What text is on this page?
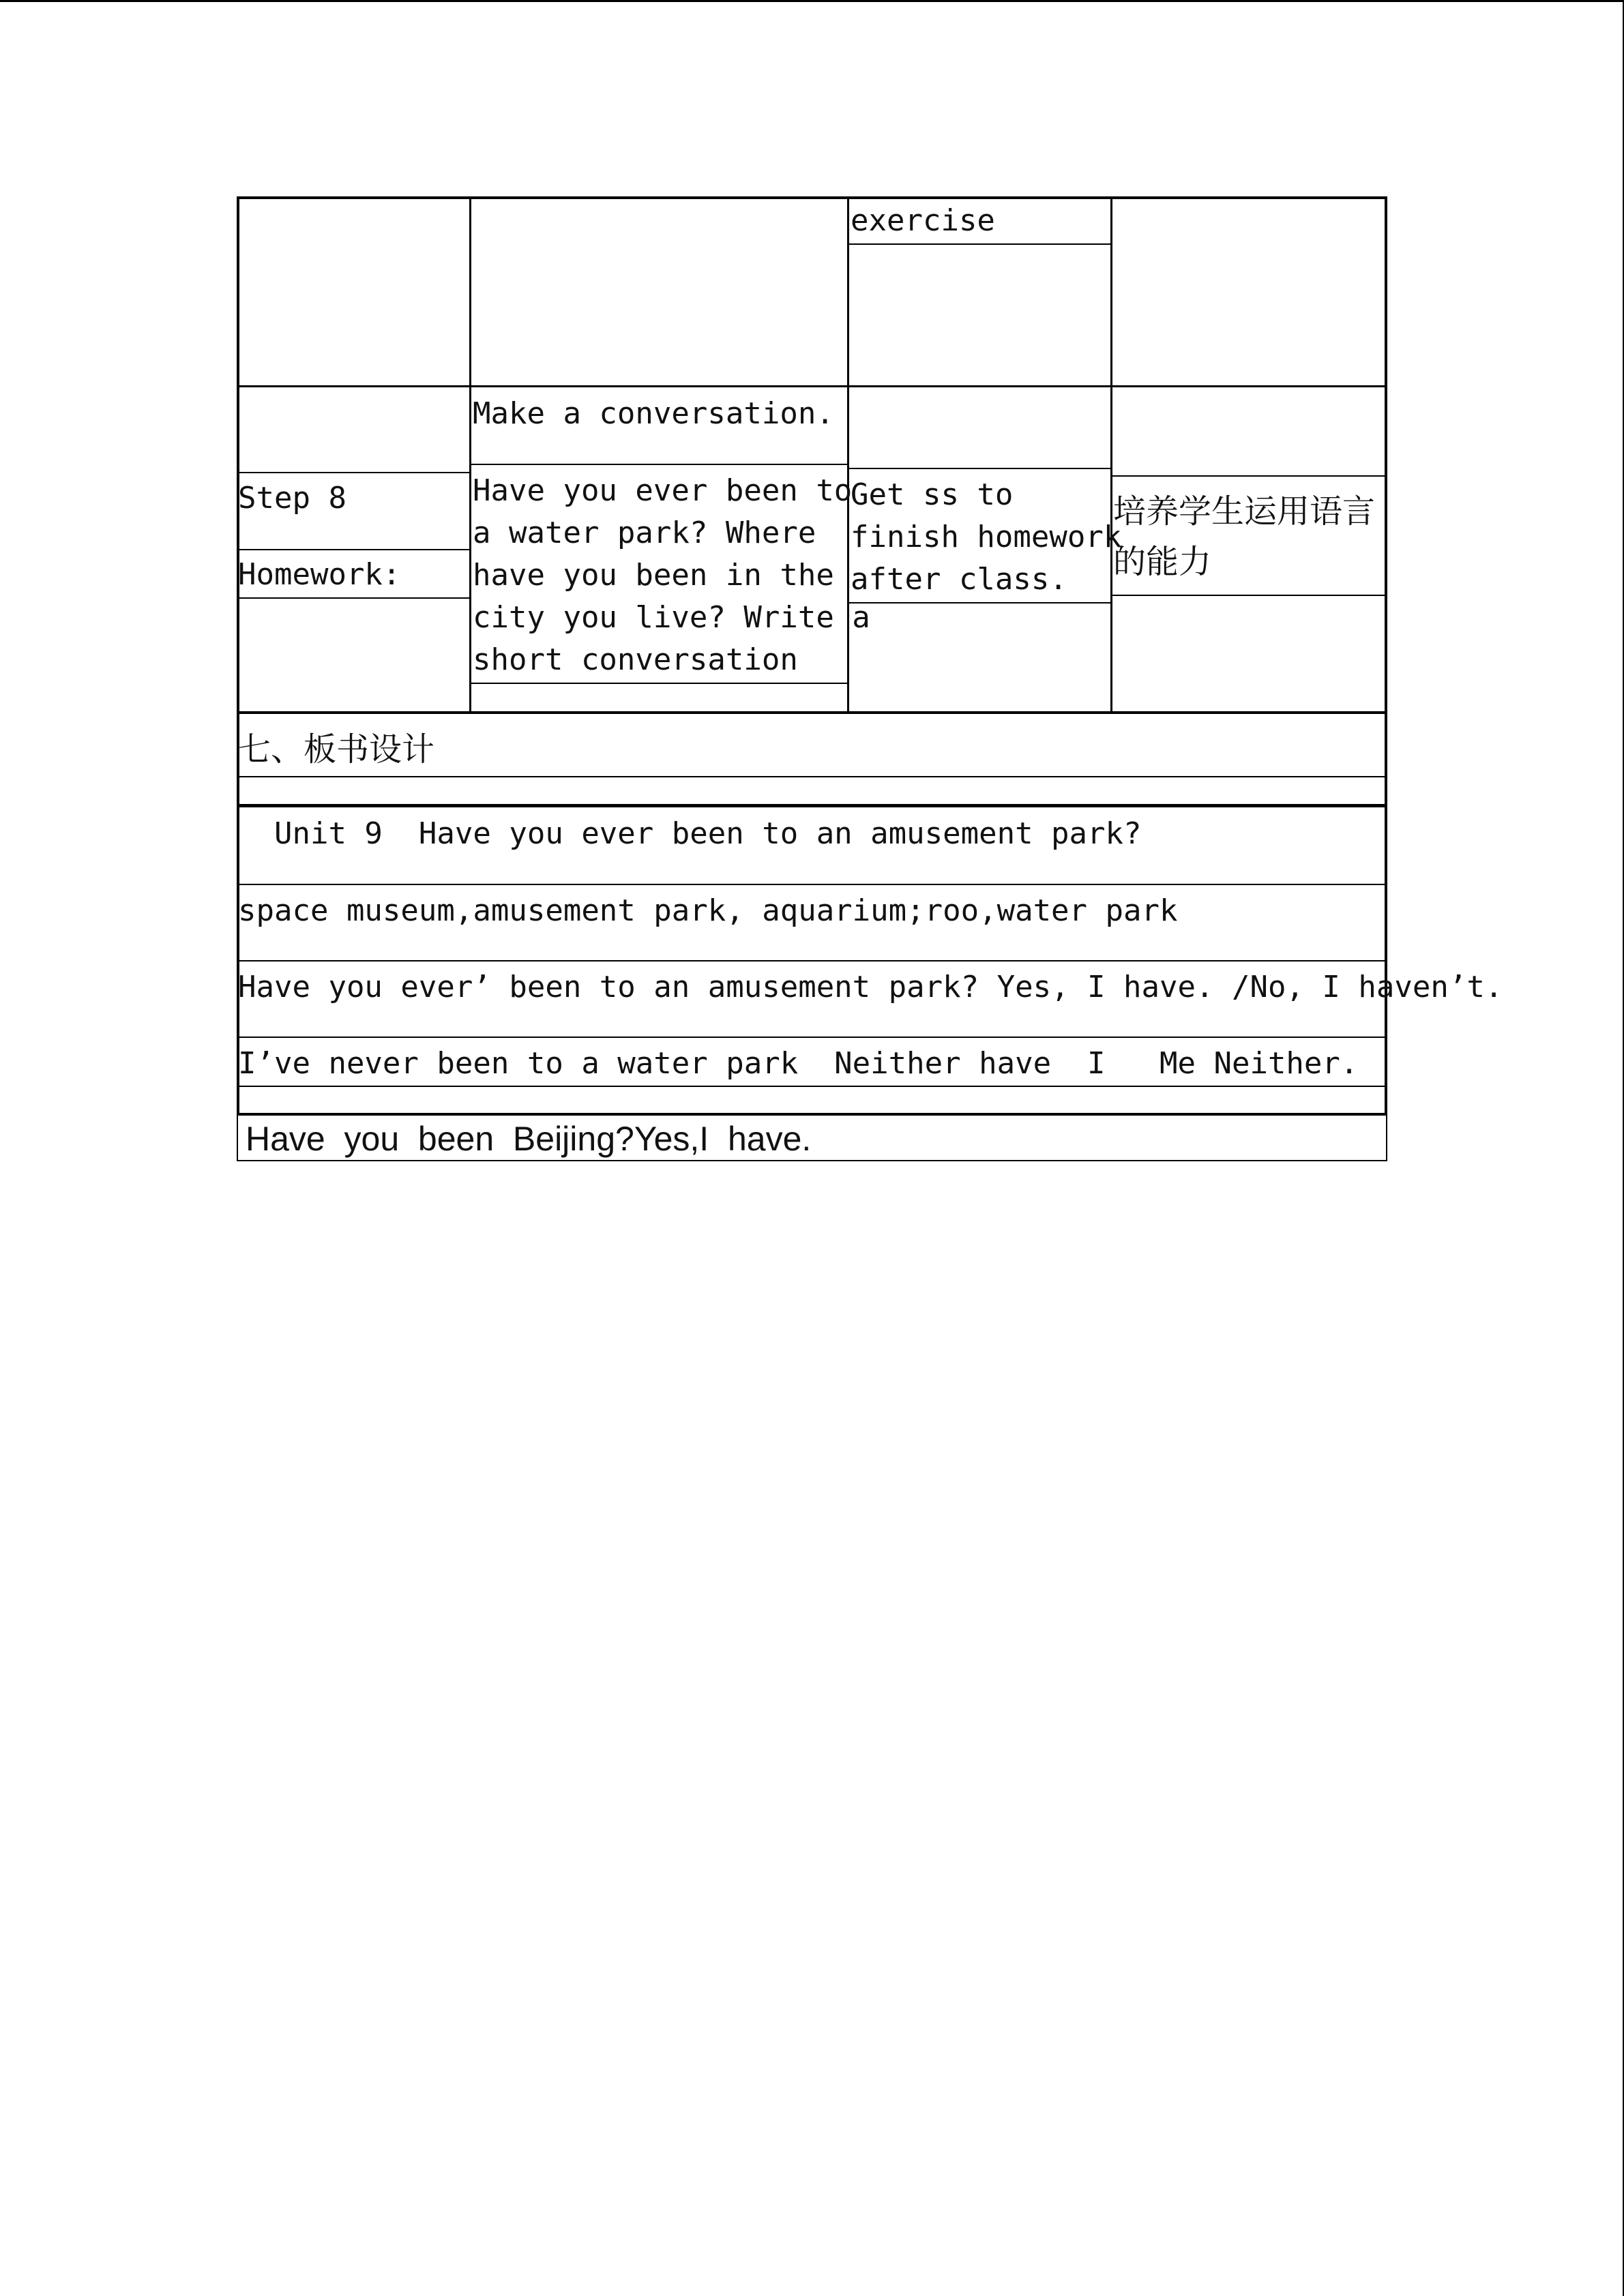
exercise
Make a conversation.
Step 8
Homework:
Have you ever been to
a water park? Where
have you been in the
city you live? Write a
short conversation
Get ss to
finish homework
after class.
培养学生运用语言的能力
七、板书设计
Unit 9  Have you ever been to an amusement park?
space museum,amusement park, aquarium;roo,water park
Have you ever’ been to an amusement park? Yes, I have. /No, I haven’t.
I’ve never been to a water park  Neither have  I   Me Neither.
Have  you  been  Beijing?Yes,I  have.
